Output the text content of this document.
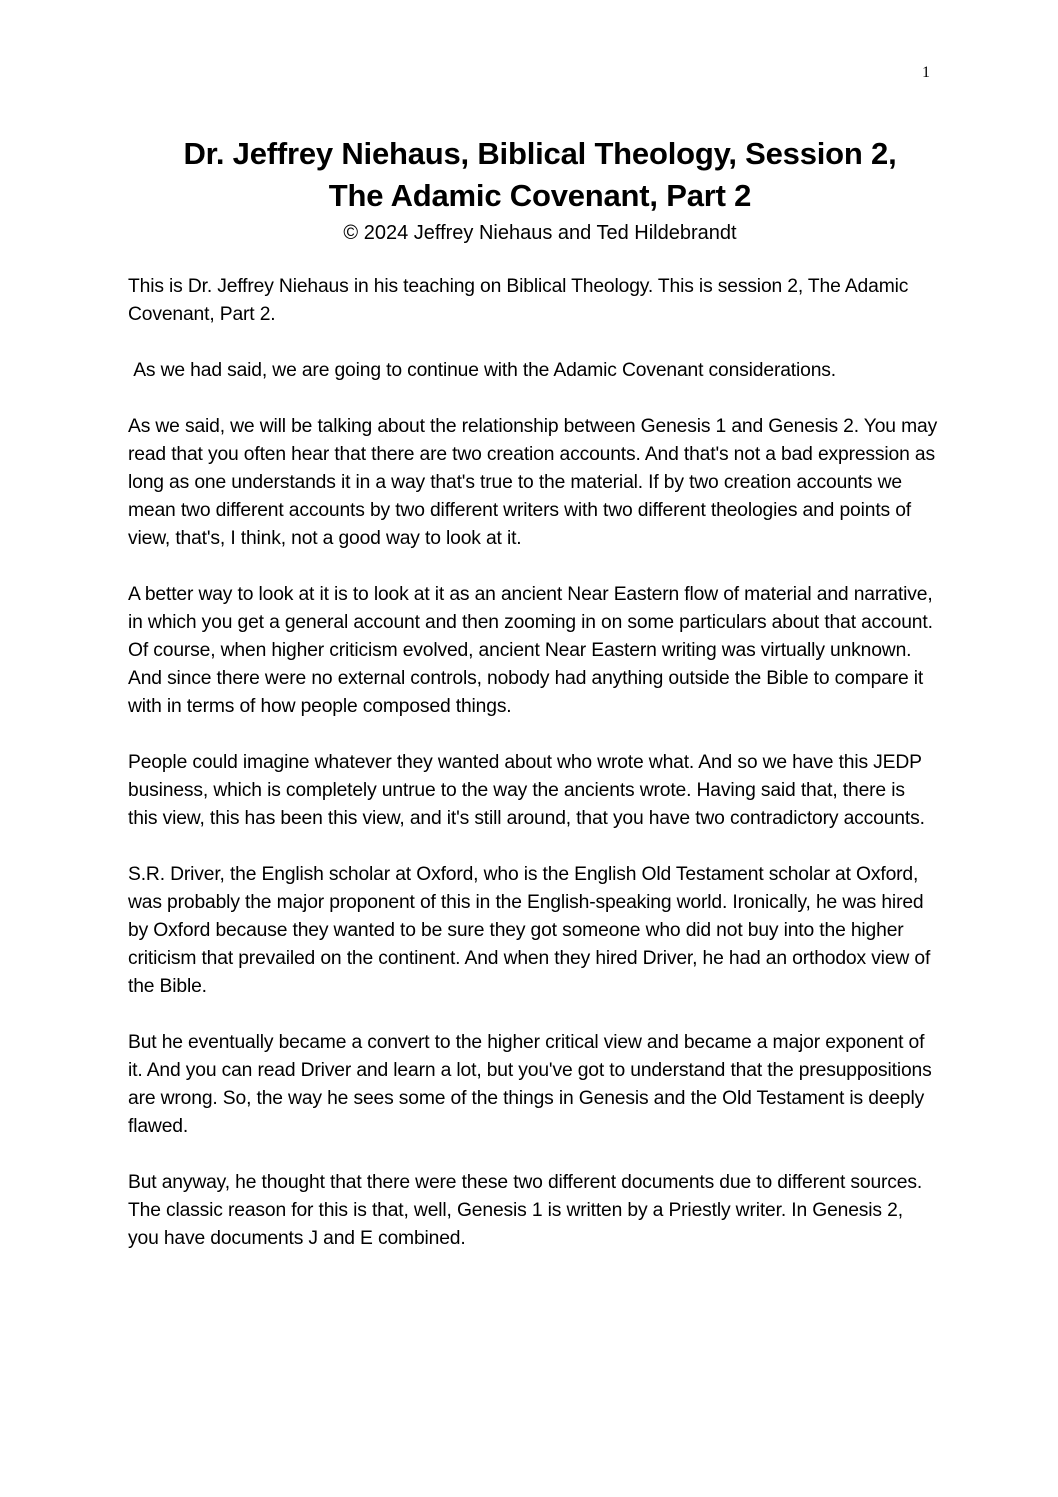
1
Dr. Jeffrey Niehaus, Biblical Theology, Session 2,
The Adamic Covenant, Part 2
© 2024 Jeffrey Niehaus and Ted Hildebrandt

This is Dr. Jeffrey Niehaus in his teaching on Biblical Theology. This is session 2, The Adamic Covenant, Part 2.

As we had said, we are going to continue with the Adamic Covenant considerations.

As we said, we will be talking about the relationship between Genesis 1 and Genesis 2. You may read that you often hear that there are two creation accounts. And that's not a bad expression as long as one understands it in a way that's true to the material. If by two creation accounts we mean two different accounts by two different writers with two different theologies and points of view, that's, I think, not a good way to look at it.

A better way to look at it is to look at it as an ancient Near Eastern flow of material and narrative, in which you get a general account and then zooming in on some particulars about that account. Of course, when higher criticism evolved, ancient Near Eastern writing was virtually unknown. And since there were no external controls, nobody had anything outside the Bible to compare it with in terms of how people composed things.

People could imagine whatever they wanted about who wrote what. And so we have this JEDP business, which is completely untrue to the way the ancients wrote. Having said that, there is this view, this has been this view, and it's still around, that you have two contradictory accounts.

S.R. Driver, the English scholar at Oxford, who is the English Old Testament scholar at Oxford, was probably the major proponent of this in the English-speaking world. Ironically, he was hired by Oxford because they wanted to be sure they got someone who did not buy into the higher criticism that prevailed on the continent. And when they hired Driver, he had an orthodox view of the Bible.

But he eventually became a convert to the higher critical view and became a major exponent of it. And you can read Driver and learn a lot, but you've got to understand that the presuppositions are wrong. So, the way he sees some of the things in Genesis and the Old Testament is deeply flawed.

But anyway, he thought that there were these two different documents due to different sources. The classic reason for this is that, well, Genesis 1 is written by a Priestly writer. In Genesis 2, you have documents J and E combined.
